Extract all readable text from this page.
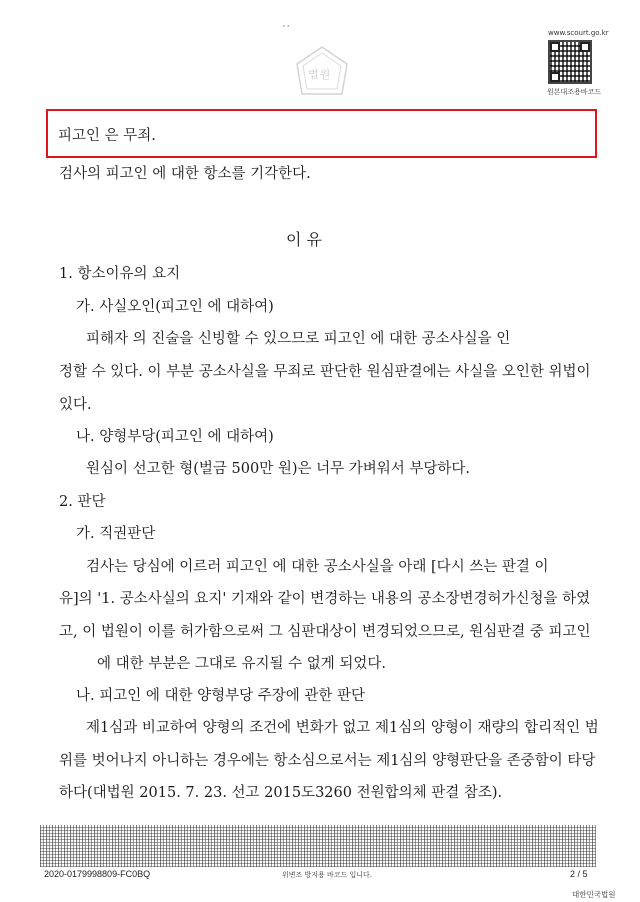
' '
법원
www.scourt.go.kr
원본대조용바코드
피고인 은 무죄.
검사의 피고인 에 대한 항소를 기각한다.
이 유
1. 항소이유의 요지
가. 사실오인(피고인 에 대하여)
피해자 의 진술을 신빙할 수 있으므로 피고인 에 대한 공소사실을 인
정할 수 있다. 이 부분 공소사실을 무죄로 판단한 원심판결에는 사실을 오인한 위법이
있다.
나. 양형부당(피고인 에 대하여)
원심이 선고한 형(벌금 500만 원)은 너무 가벼워서 부당하다.
2. 판단
가. 직권판단
검사는 당심에 이르러 피고인 에 대한 공소사실을 아래 [다시 쓰는 판결 이
유]의 '1. 공소사실의 요지' 기재와 같이 변경하는 내용의 공소장변경허가신청을 하였
고, 이 법원이 이를 허가함으로써 그 심판대상이 변경되었으므로, 원심판결 중 피고인
에 대한 부분은 그대로 유지될 수 없게 되었다.
나. 피고인 에 대한 양형부당 주장에 관한 판단
제1심과 비교하여 양형의 조건에 변화가 없고 제1심의 양형이 재량의 합리적인 범
위를 벗어나지 아니하는 경우에는 항소심으로서는 제1심의 양형판단을 존중함이 타당
하다(대법원 2015. 7. 23. 선고 2015도3260 전원합의체 판결 참조).
2020-0179998809-FC0BQ	위변조 방지용 바코드 입니다.	2 / 5
대한민국법원
